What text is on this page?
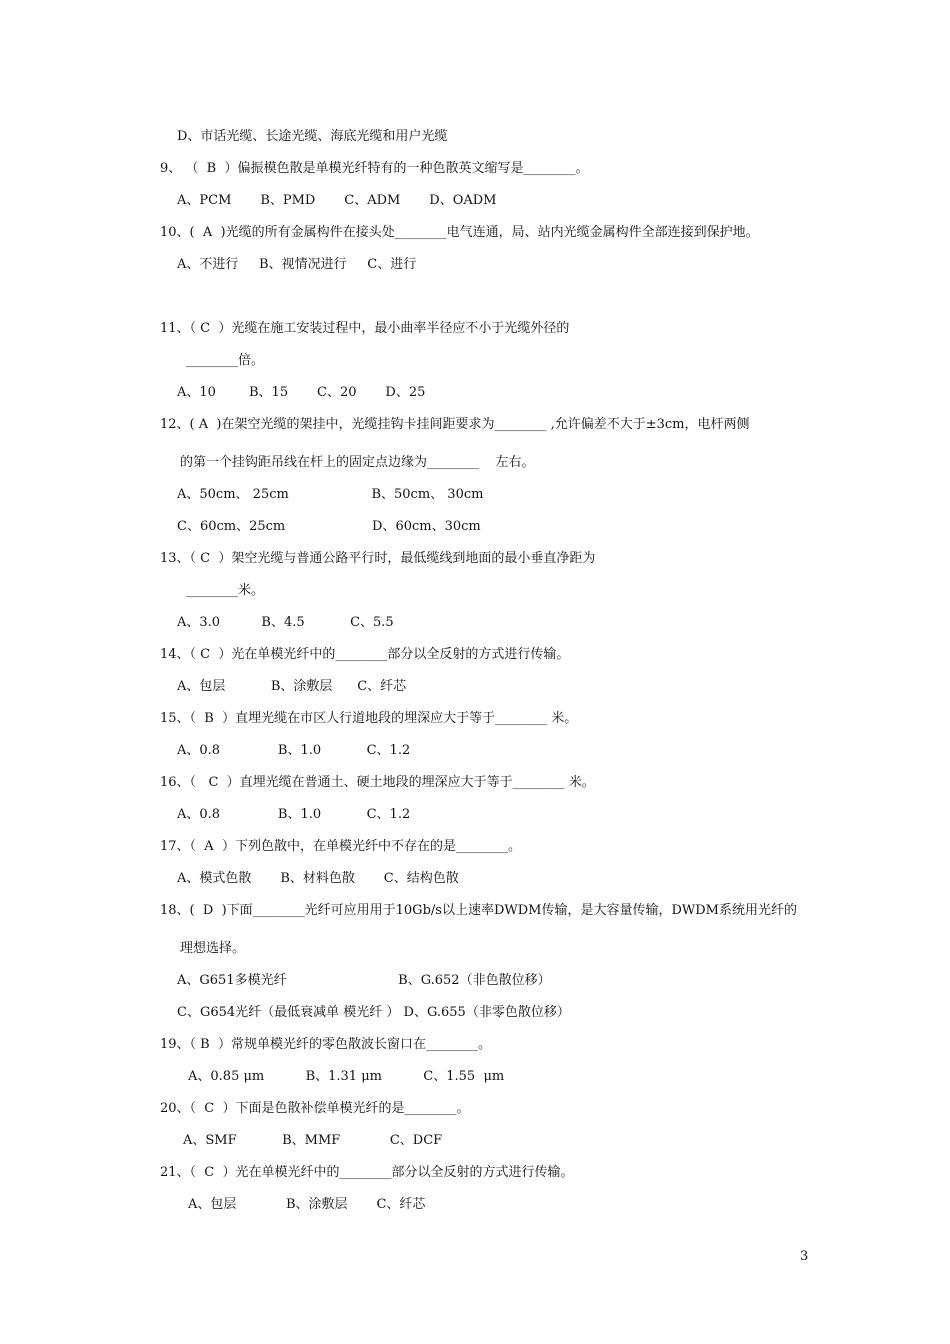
D、市话光缆、长途光缆、海底光缆和用户光缆
9、 （  B  ）偏振模色散是单模光纤特有的一种色散英文缩写是________。
A、PCM       B、PMD       C、ADM       D、OADM
10、(  A  )光缆的所有金属构件在接头处________电气连通，局、站内光缆金属构件全部连接到保护地。
A、不进行     B、视情况进行     C、进行
11、（ C  ）光缆在施工安装过程中，最小曲率半径应不小于光缆外径的
________倍。
A、10        B、15       C、20       D、25
12、( A  )在架空光缆的架挂中，光缆挂钩卡挂间距要求为________ ,允许偏差不大于±3cm，电杆两侧
的第一个挂钩距吊线在杆上的固定点边缘为________    左右。
A、50cm、 25cm                    B、50cm、 30cm
C、60cm、25cm                     D、60cm、30cm
13、（ C  ）架空光缆与普通公路平行时，最低缆线到地面的最小垂直净距为
________米。
A、3.0          B、4.5           C、5.5
14、（ C  ）光在单模光纤中的________部分以全反射的方式进行传输。
A、包层           B、涂敷层      C、纤芯
15、（  B  ）直埋光缆在市区人行道地段的埋深应大于等于________ 米。
A、0.8              B、1.0           C、1.2
16、（   C  ）直埋光缆在普通土、硬土地段的埋深应大于等于________ 米。
A、0.8              B、1.0           C、1.2
17、（  A  ）下列色散中，在单模光纤中不存在的是________。
A、模式色散       B、材料色散       C、结构色散
18、(  D  )下面________光纤可应用用于10Gb/s以上速率DWDM传输，是大容量传输，DWDM系统用光纤的
理想选择。
A、G651多模光纤                           B、G.652（非色散位移）
C、G654光纤（最低衰减单 模光纤 ） D、G.655（非零色散位移）
19、（ B  ）常规单模光纤的零色散波长窗口在________。
A、0.85 μm          B、1.31 μm          C、1.55  μm
20、（  C  ）下面是色散补偿单模光纤的是________。
A、SMF           B、MMF            C、DCF
21、（  C  ）光在单模光纤中的________部分以全反射的方式进行传输。
A、包层            B、涂敷层       C、纤芯
3
